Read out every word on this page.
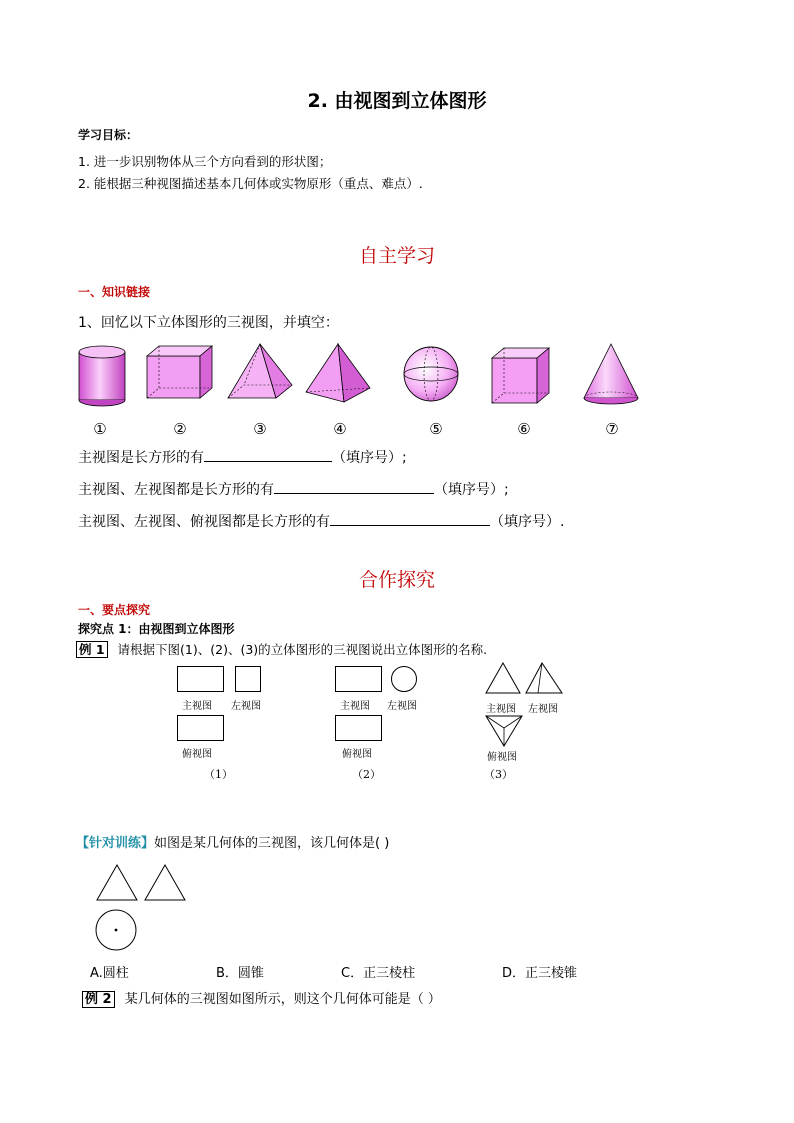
2. 由视图到立体图形
学习目标：
1. 进一步识别物体从三个方向看到的形状图；
2. 能根据三种视图描述基本几何体或实物原形（重点、难点）.
自主学习
一、知识链接
1、回忆以下立体图形的三视图，并填空：
①	②	③	④	⑤	⑥	⑦
主视图是长方形的有	（填序号）;
主视图、左视图都是长方形的有	（填序号）;
主视图、左视图、俯视图都是长方形的有	（填序号）.
合作探究
一、要点探究
探究点 1：由视图到立体图形
例 1 请根据下图(1)、(2)、(3)的立体图形的三视图说出立体图形的名称.
主视图 左视图
俯视图
（1）
主视图 左视图
俯视图
（2）
主视图 左视图
俯视图
（3）
【针对训练】如图是某几何体的三视图，该几何体是( )
A.圆柱	B．圆锥	C．正三棱柱	D．正三棱锥
例 2 某几何体的三视图如图所示，则这个几何体可能是（ ）
